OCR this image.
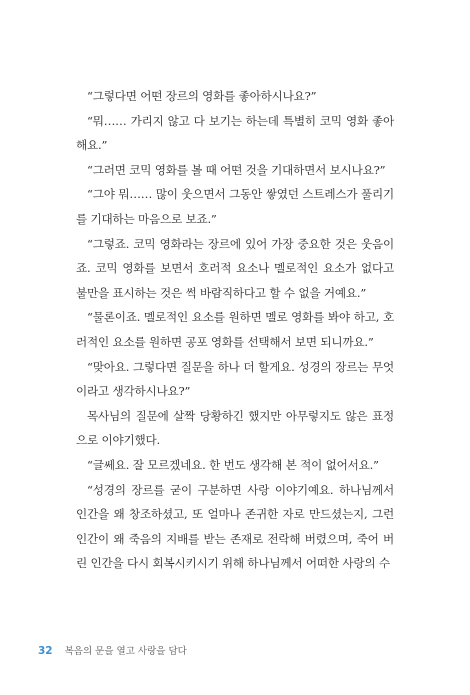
“그렇다면 어떤 장르의 영화를 좋아하시나요?”

“뭐…… 가리지 않고 다 보기는 하는데 특별히 코믹 영화 좋아해요.”

“그러면 코믹 영화를 볼 때 어떤 것을 기대하면서 보시나요?”

“그야 뭐…… 많이 웃으면서 그동안 쌓였던 스트레스가 풀리기를 기대하는 마음으로 보죠.”

“그렇죠. 코믹 영화라는 장르에 있어 가장 중요한 것은 웃음이죠. 코믹 영화를 보면서 호러적 요소나 멜로적인 요소가 없다고 불만을 표시하는 것은 썩 바람직하다고 할 수 없을 거예요.”

“물론이죠. 멜로적인 요소를 원하면 멜로 영화를 봐야 하고, 호러적인 요소를 원하면 공포 영화를 선택해서 보면 되니까요.”

“맞아요. 그렇다면 질문을 하나 더 할게요. 성경의 장르는 무엇이라고 생각하시나요?”

목사님의 질문에 살짝 당황하긴 했지만 아무렇지도 않은 표정으로 이야기했다.

“글쎄요. 잘 모르겠네요. 한 번도 생각해 본 적이 없어서요.”

“성경의 장르를 굳이 구분하면 사랑 이야기예요. 하나님께서 인간을 왜 창조하셨고, 또 얼마나 존귀한 자로 만드셨는지, 그런 인간이 왜 죽음의 지배를 받는 존재로 전락해 버렸으며, 죽어 버린 인간을 다시 회복시키시기 위해 하나님께서 어떠한 사랑의 수

32 복음의 문을 열고 사랑을 담다
